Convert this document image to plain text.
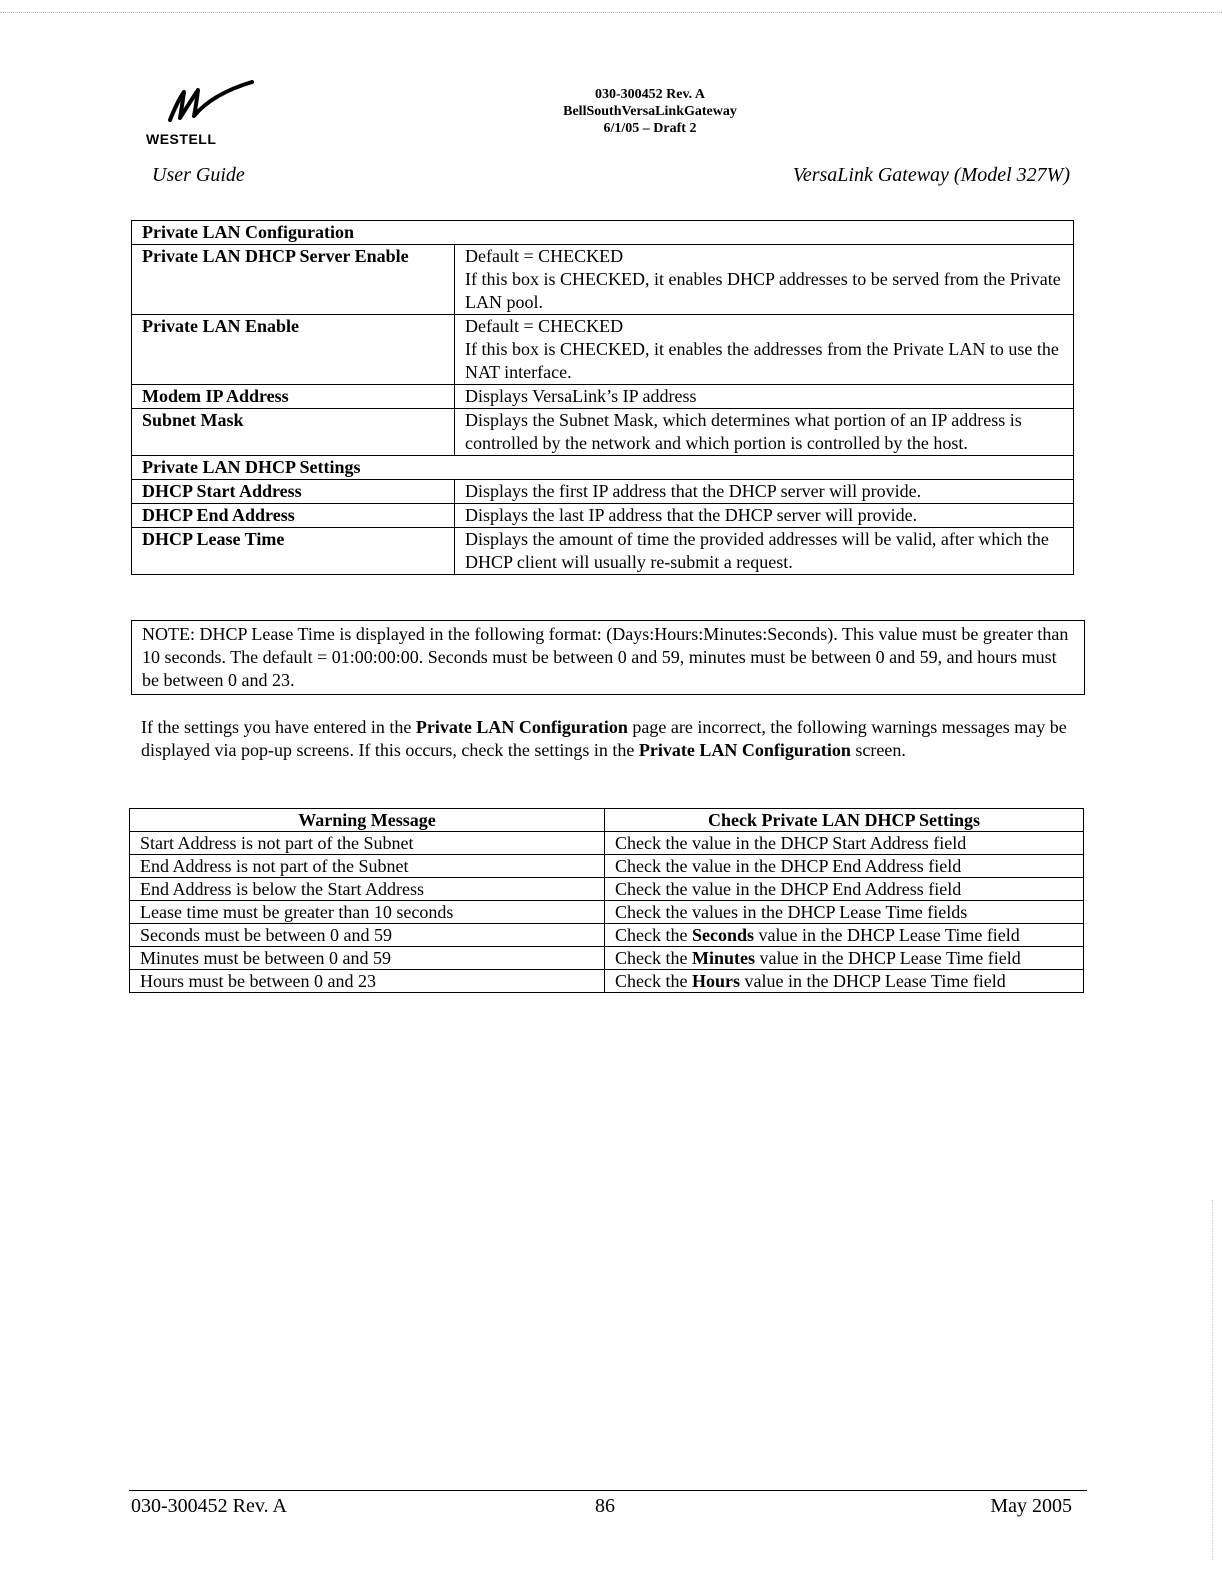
WESTELL
030-300452 Rev. A
BellSouthVersaLinkGateway
6/1/05 – Draft 2
User Guide	VersaLink Gateway (Model 327W)
Private LAN Configuration	
Private LAN DHCP Server Enable	Default = CHECKED
If this box is CHECKED, it enables DHCP addresses to be served from the Private LAN pool.

Private LAN Enable	Default = CHECKED
If this box is CHECKED, it enables the addresses from the Private LAN to use the NAT interface.

Modem IP Address	Displays VersaLink’s IP address
Subnet Mask	Displays the Subnet Mask, which determines what portion of an IP address is controlled by the network and which portion is controlled by the host.
Private LAN DHCP Settings	
DHCP Start Address	Displays the first IP address that the DHCP server will provide.
DHCP End Address	Displays the last IP address that the DHCP server will provide.
DHCP Lease Time	Displays the amount of time the provided addresses will be valid, after which the DHCP client will usually re-submit a request.
NOTE: DHCP Lease Time is displayed in the following format: (Days:Hours:Minutes:Seconds). This value must be greater than 10 seconds. The default = 01:00:00:00. Seconds must be between 0 and 59, minutes must be between 0 and 59, and hours must be between 0 and 23.
If the settings you have entered in the Private LAN Configuration page are incorrect, the following warnings messages may be displayed via pop-up screens. If this occurs, check the settings in the Private LAN Configuration screen.
Warning Message	Check Private LAN DHCP Settings
Start Address is not part of the Subnet	Check the value in the DHCP Start Address field
End Address is not part of the Subnet	Check the value in the DHCP End Address field
End Address is below the Start Address	Check the value in the DHCP End Address field
Lease time must be greater than 10 seconds	Check the values in the DHCP Lease Time fields
Seconds must be between 0 and 59	Check the Seconds value in the DHCP Lease Time field
Minutes must be between 0 and 59	Check the Minutes value in the DHCP Lease Time field
Hours must be between 0 and 23	Check the Hours value in the DHCP Lease Time field
030-300452 Rev. A	86	May 2005
